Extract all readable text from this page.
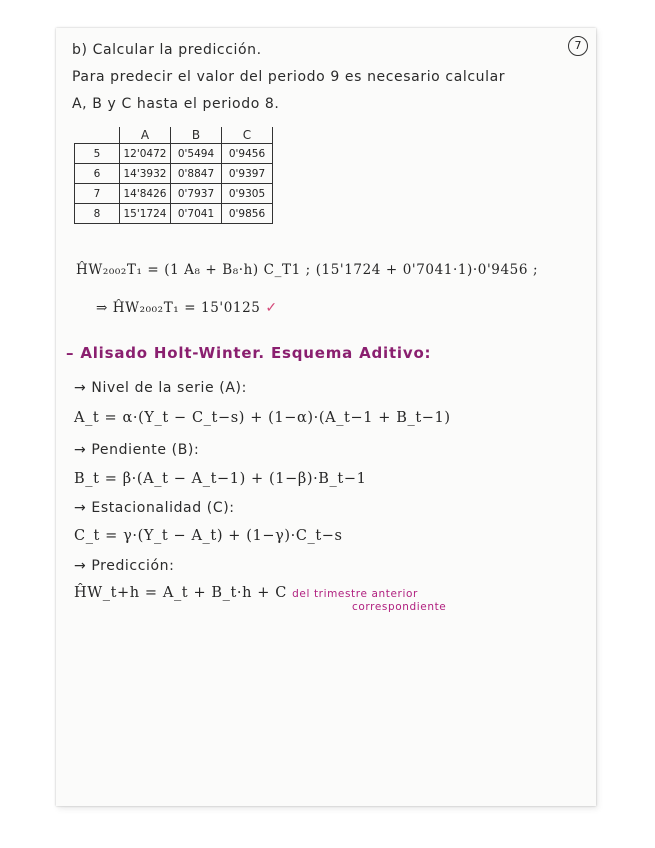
7
b) Calcular la predicción.
Para predecir el valor del periodo 9 es necesario calcular
A, B y C hasta el periodo 8.
	A	B	C
5	12'0472	0'5494	0'9456
6	14'3932	0'8847	0'9397
7	14'8426	0'7937	0'9305
8	15'1724	0'7041	0'9856
ĤW₂₀₀₂T₁ = (1 A₈ + B₈·h) C_T1 ; (15'1724 + 0'7041·1)·0'9456 ;
⇒ ĤW₂₀₀₂T₁ = 15'0125 ✓
– Alisado Holt-Winter. Esquema Aditivo:
→ Nivel de la serie (A):
A_t = α·(Y_t − C_t−s) + (1−α)·(A_t−1 + B_t−1)
→ Pendiente (B):
B_t = β·(A_t − A_t−1) + (1−β)·B_t−1
→ Estacionalidad (C):
C_t = γ·(Y_t − A_t) + (1−γ)·C_t−s
→ Predicción:
ĤW_t+h = A_t + B_t·h + C del trimestre anterior
correspondiente
